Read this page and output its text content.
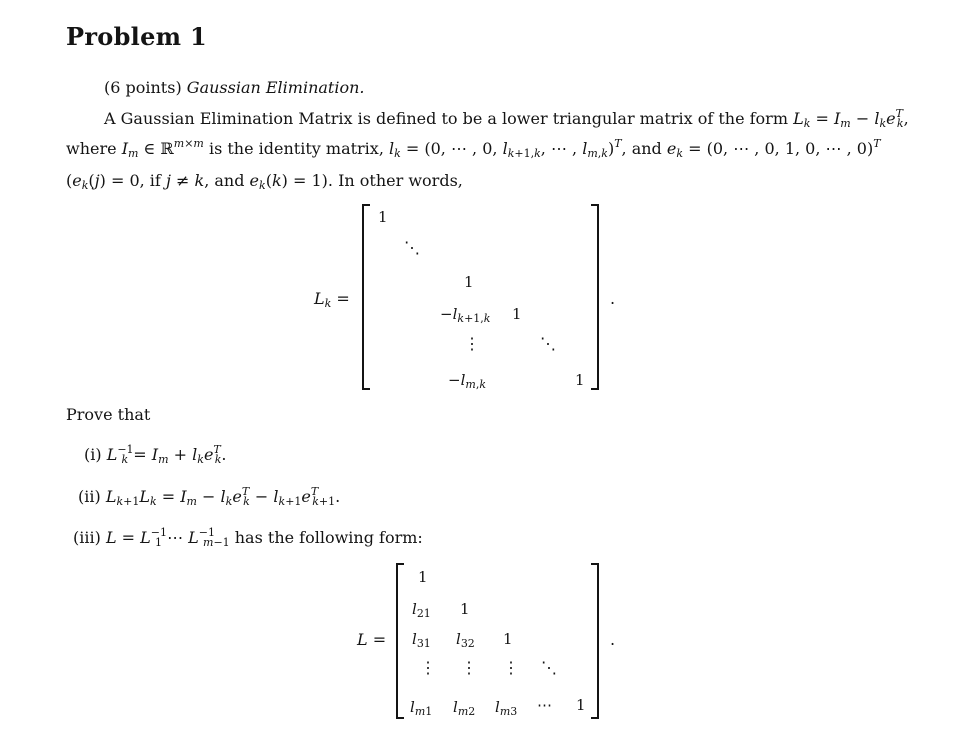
Problem 1
(6 points) Gaussian Elimination.
A Gaussian Elimination Matrix is defined to be a lower triangular matrix of the form $L_k = I_m - l_ke^T_k$,
where $I_m$ ∈ ℝ$^{m\times m}$ is the identity matrix, $l_k = (0$, ⋯ , 0, $l_{k+1,k}$, ⋯ , $l_{m,k})^T$, and $e_k = (0$, ⋯ , 0, 1, 0, ⋯ , 0)$^T$
($e_k(j) = 0$, if j ≠ k, and $e_k(k) = 1$). In other words,
$L_k$ =
1
⋱
1
$-l_{k+1,k}$ 1
⋮	⋱
$-l_{m,k}$	1
.
Prove that
(i) $L^{-1}_k = I_m + l_ke^T_k$.
(ii) $L_{k+1}L_k = I_m - l_ke^T_k - l_{k+1}e^T_{k+1}$.
(iii) $L = L^{-1}_1$ ⋯ $L^{-1}_{m-1}$ has the following form:
L =
1
$l_{21}$ 1
$l_{31}$ $l_{32}$ 1
⋮ ⋮ ⋮ ⋱
$l_{m1}$ $l_{m2}$ $l_{m3}$ ⋯ 1
.
